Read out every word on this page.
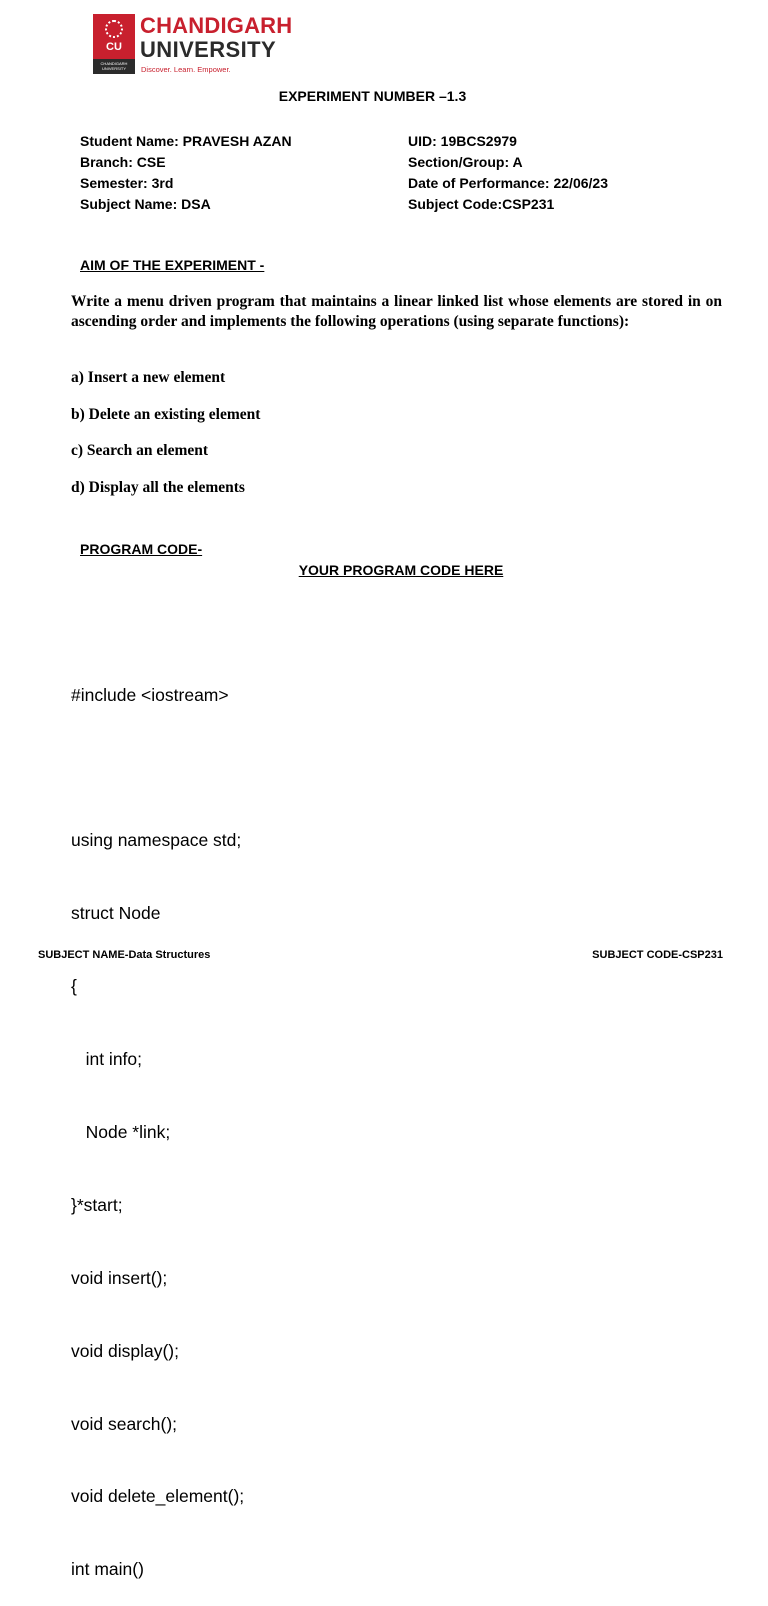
CU
CHANDIGARH UNIVERSITY
CHANDIGARH
UNIVERSITY
Discover. Learn. Empower.
EXPERIMENT NUMBER –1.3
Student Name: PRAVESH AZAN
Branch: CSE
Semester: 3rd
Subject Name: DSA
UID: 19BCS2979
Section/Group: A
Date of Performance: 22/06/23
Subject Code:CSP231
AIM OF THE EXPERIMENT -
Write a menu driven program that maintains a linear linked list whose elements are stored in on ascending order and implements the following operations (using separate functions):
a) Insert a new element
b) Delete an existing element
c) Search an element
d) Display all the elements
PROGRAM CODE-
YOUR PROGRAM CODE HERE

#include <iostream>

using namespace std;

struct Node

{

int info;

Node *link;

}*start;

void insert();

void display();

void search();

void delete_element();

int main()

SUBJECT NAME-Data Structures	SUBJECT CODE-CSP231
